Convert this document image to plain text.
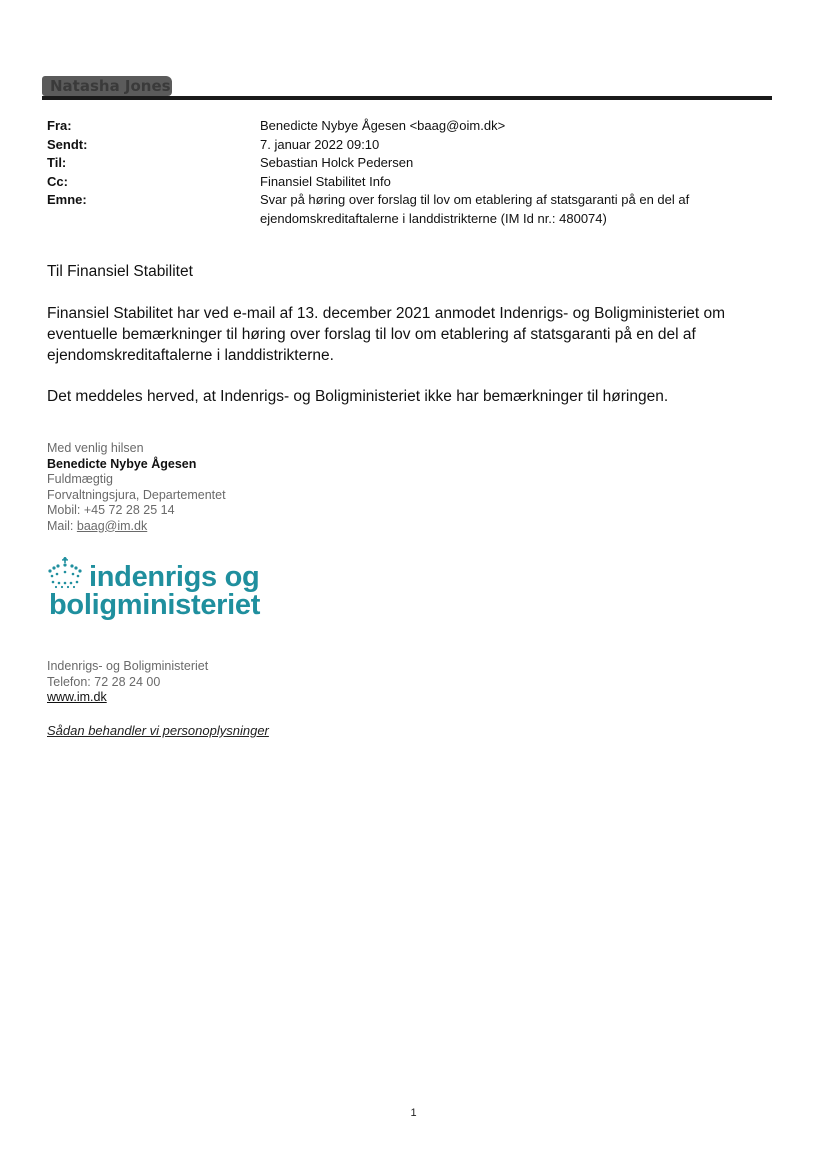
Natasha Jones
Fra:	Benedicte Nybye Ågesen <baag@oim.dk>
Sendt:	7. januar 2022 09:10
Til:	Sebastian Holck Pedersen
Cc:	Finansiel Stabilitet Info
Emne:	Svar på høring over forslag til lov om etablering af statsgaranti på en del af ejendomskreditaftalerne i landdistrikterne (IM Id nr.: 480074)
Til Finansiel Stabilitet
Finansiel Stabilitet har ved e-mail af 13. december 2021 anmodet Indenrigs- og Boligministeriet om eventuelle bemærkninger til høring over forslag til lov om etablering af statsgaranti på en del af ejendomskreditaftalerne i landdistrikterne.
Det meddeles herved, at Indenrigs- og Boligministeriet ikke har bemærkninger til høringen.
Med venlig hilsen
Benedicte Nybye Ågesen
Fuldmægtig
Forvaltningsjura, Departementet
Mobil: +45 72 28 25 14
Mail: baag@im.dk
indenrigs og
boligministeriet
Indenrigs- og Boligministeriet
Telefon: 72 28 24 00
www.im.dk
Sådan behandler vi personoplysninger
1
